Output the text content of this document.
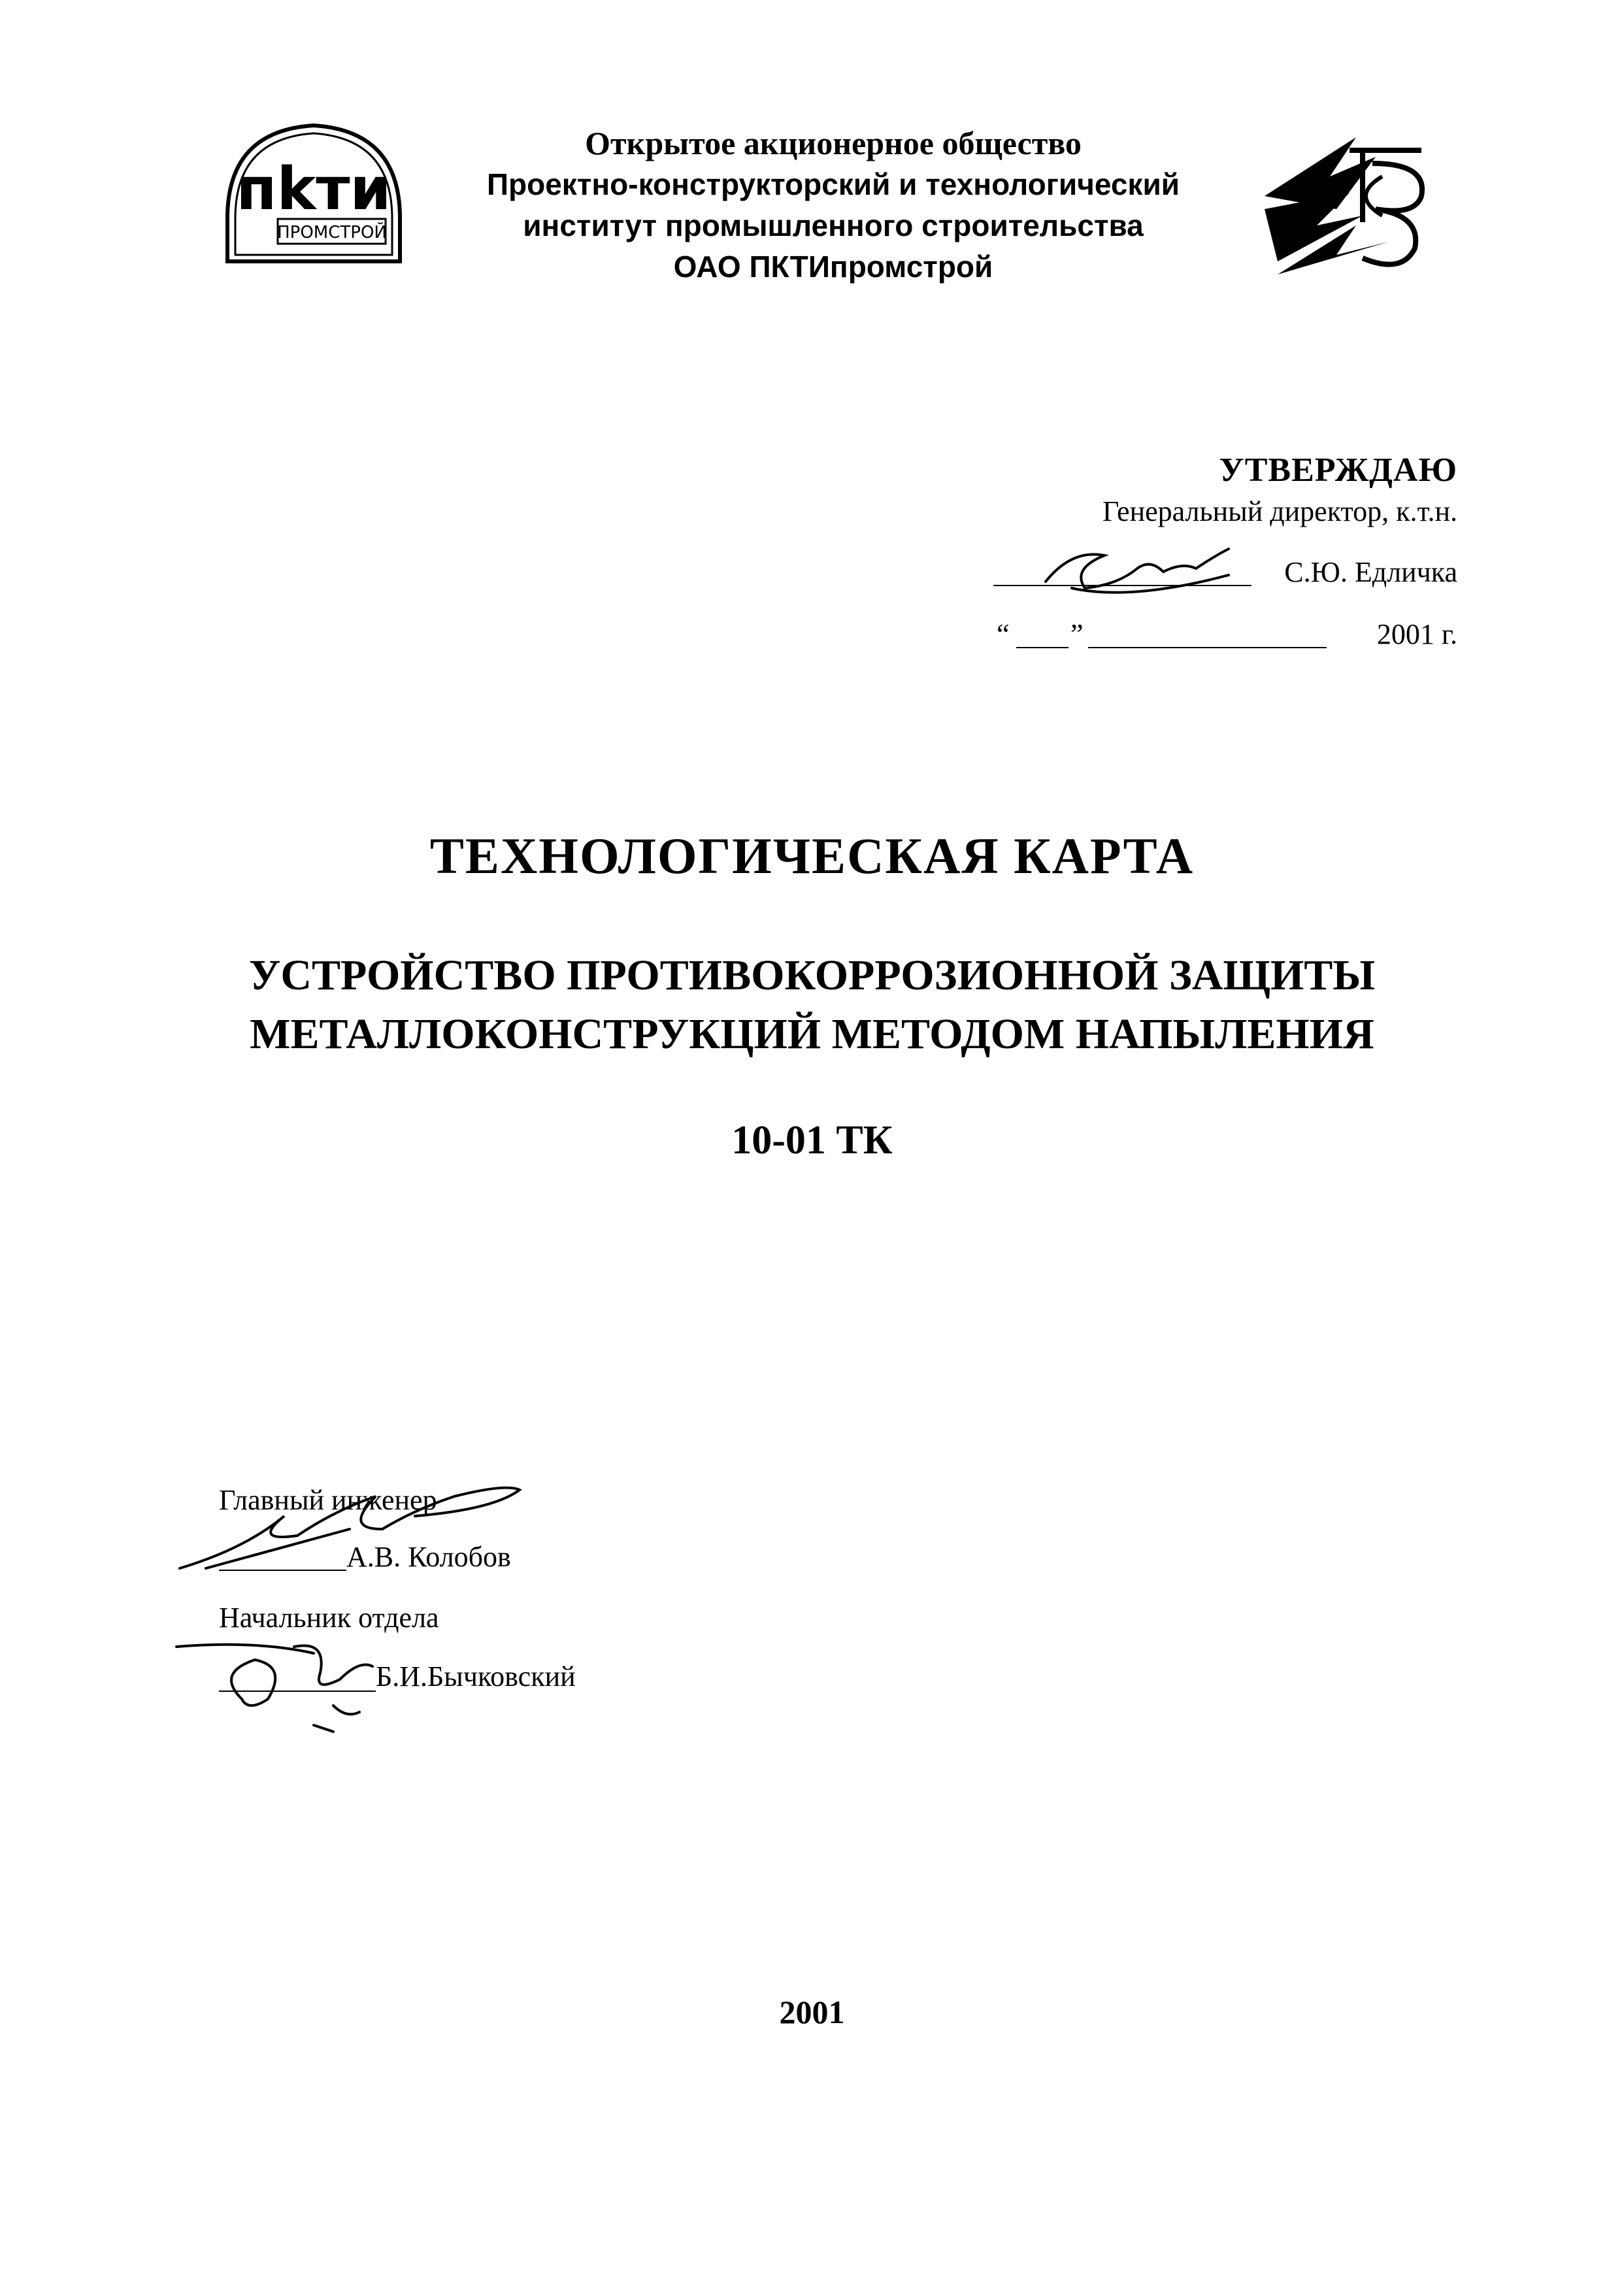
пkти
ПРОМСТРОЙ
Открытое акционерное общество
Проектно-конструкторский и технологический
институт промышленного строительства
ОАО ПКТИпромстрой
УТВЕРЖДАЮ
Генеральный директор, к.т.н.
С.Ю. Едличка
“ ”	2001 г.
ТЕХНОЛОГИЧЕСКАЯ КАРТА
УСТРОЙСТВО ПРОТИВОКОРРОЗИОННОЙ ЗАЩИТЫ
МЕТАЛЛОКОНСТРУКЦИЙ МЕТОДОМ НАПЫЛЕНИЯ
10-01 ТК
Главный инженер
А.В. Колобов
Начальник отдела
Б.И.Бычковский
2001
